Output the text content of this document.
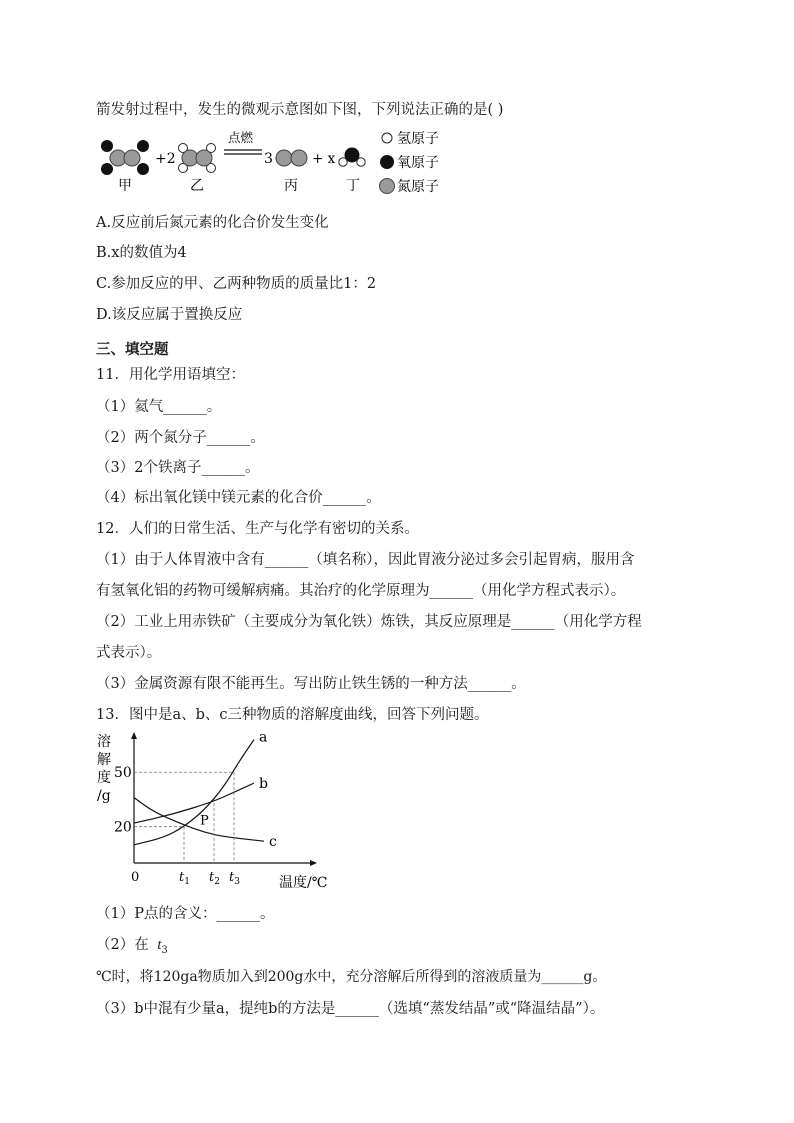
箭发射过程中，发生的微观示意图如下图，下列说法正确的是( )
+2
点燃
3	+ x
甲	乙	丙	丁
氢原子
氧原子
氮原子
A.反应前后氮元素的化合价发生变化
B.x的数值为4
C.参加反应的甲、乙两种物质的质量比1：2
D.该反应属于置换反应
三、填空题
11．用化学用语填空：
（1）氦气______。
（2）两个氮分子______。
（3）2个铁离子______。
（4）标出氧化镁中镁元素的化合价______。
12．人们的日常生活、生产与化学有密切的关系。
（1）由于人体胃液中含有______（填名称），因此胃液分泌过多会引起胃病，服用含
有氢氧化铝的药物可缓解病痛。其治疗的化学原理为______（用化学方程式表示）。
（2）工业上用赤铁矿（主要成分为氧化铁）炼铁，其反应原理是______（用化学方程
式表示）。
（3）金属资源有限不能再生。写出防止铁生锈的一种方法______。
13．图中是a、b、c三种物质的溶解度曲线，回答下列问题。
溶
解
度
/g
0
20
50
a
b
c
$t_1$ $t_2$ $t_3$
P
温度/℃
（1）P点的含义：______。
（2）在 $t_3$
℃时，将120ga物质加入到200g水中，充分溶解后所得到的溶液质量为______g。
（3）b中混有少量a，提纯b的方法是______（选填“蒸发结晶”或“降温结晶”）。
